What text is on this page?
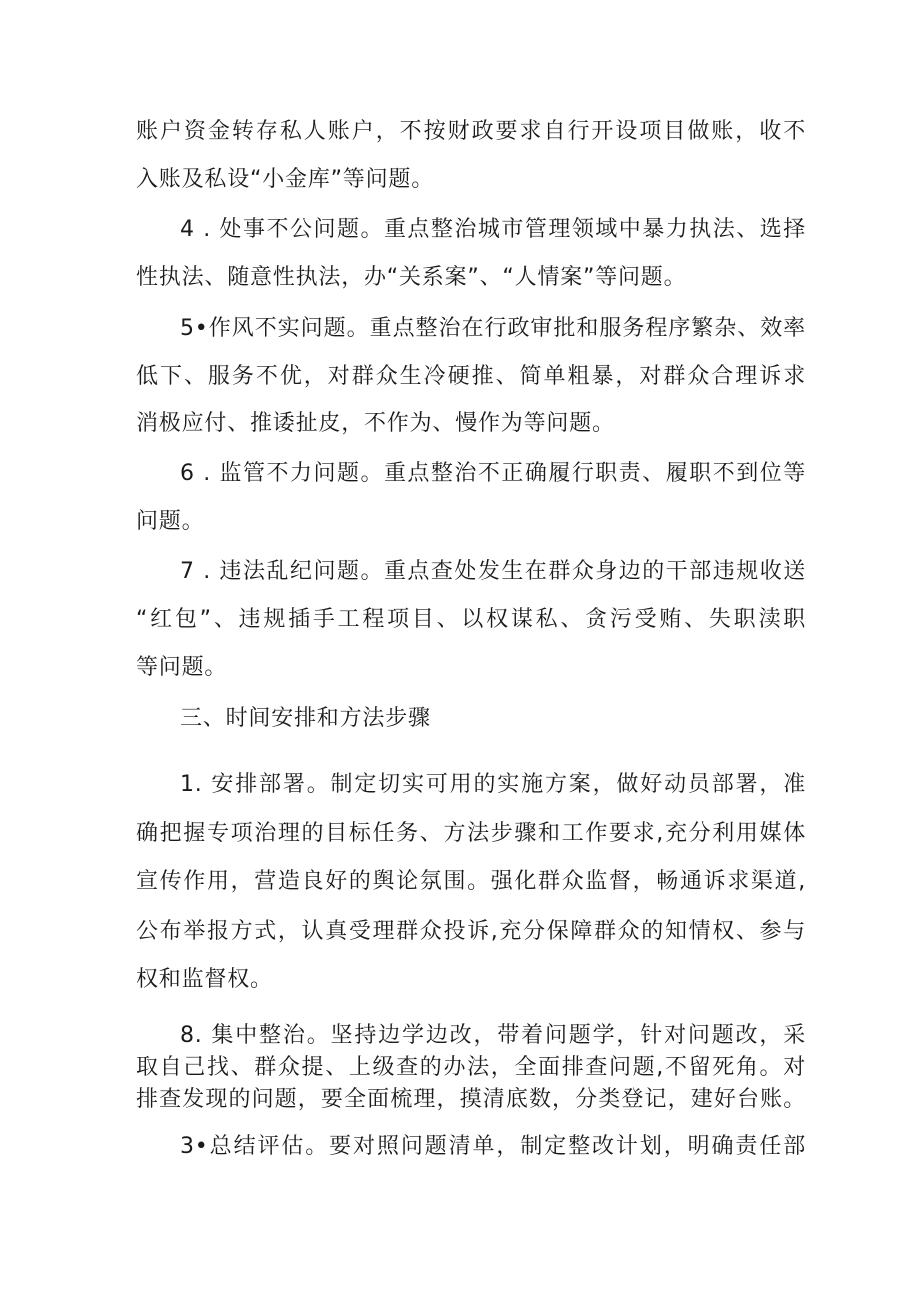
账户资金转存私人账户，不按财政要求自行开设项目做账，收不
入账及私设“小金库”等问题。
4 . 处事不公问题。重点整治城市管理领域中暴力执法、选择
性执法、随意性执法，办“关系案”、“人情案”等问题。
5•作风不实问题。重点整治在行政审批和服务程序繁杂、效率
低下、服务不优，对群众生冷硬推、简单粗暴，对群众合理诉求
消极应付、推诿扯皮，不作为、慢作为等问题。
6 . 监管不力问题。重点整治不正确履行职责、履职不到位等
问题。
7 . 违法乱纪问题。重点查处发生在群众身边的干部违规收送
“红包”、违规插手工程项目、以权谋私、贪污受贿、失职渎职
等问题。
三、时间安排和方法步骤
1. 安排部署。制定切实可用的实施方案，做好动员部署，准
确把握专项治理的目标任务、方法步骤和工作要求,充分利用媒体
宣传作用，营造良好的舆论氛围。强化群众监督，畅通诉求渠道,
公布举报方式，认真受理群众投诉,充分保障群众的知情权、参与
权和监督权。
8. 集中整治。坚持边学边改，带着问题学，针对问题改，采
取自己找、群众提、上级查的办法，全面排查问题,不留死角。对
排查发现的问题，要全面梳理，摸清底数，分类登记，建好台账。
3•总结评估。要对照问题清单，制定整改计划，明确责任部
